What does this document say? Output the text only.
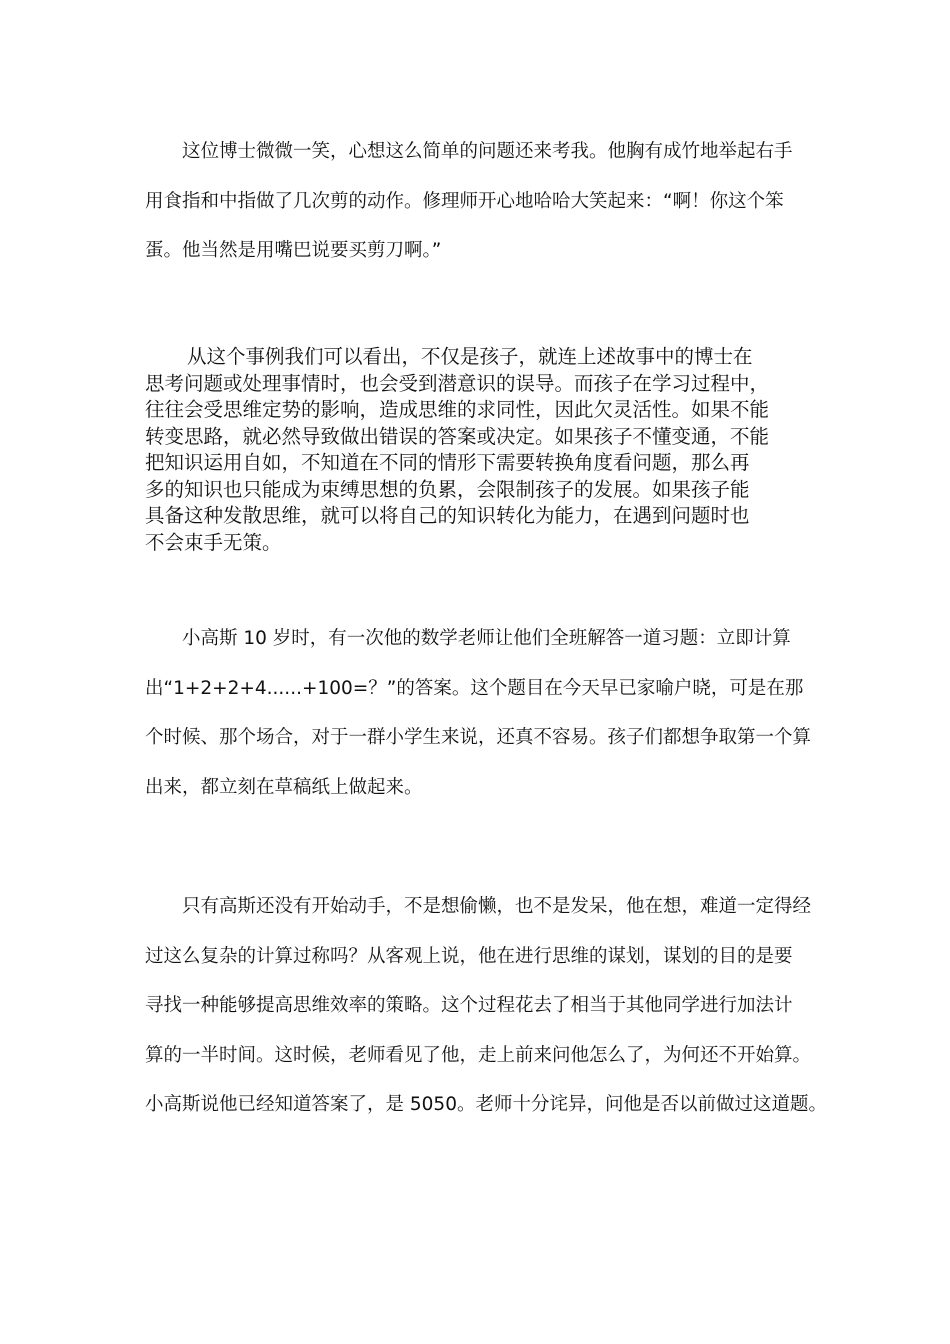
这位博士微微一笑，心想这么简单的问题还来考我。他胸有成竹地举起右手
用食指和中指做了几次剪的动作。修理师开心地哈哈大笑起来：“啊！你这个笨
蛋。他当然是用嘴巴说要买剪刀啊。”
从这个事例我们可以看出，不仅是孩子，就连上述故事中的博士在
思考问题或处理事情时，也会受到潜意识的误导。而孩子在学习过程中，
往往会受思维定势的影响，造成思维的求同性，因此欠灵活性。如果不能
转变思路，就必然导致做出错误的答案或决定。如果孩子不懂变通，不能
把知识运用自如，不知道在不同的情形下需要转换角度看问题，那么再
多的知识也只能成为束缚思想的负累，会限制孩子的发展。如果孩子能
具备这种发散思维，就可以将自己的知识转化为能力，在遇到问题时也
不会束手无策。
小高斯 10 岁时，有一次他的数学老师让他们全班解答一道习题：立即计算
出“1+2+2+4......+100=？”的答案。这个题目在今天早已家喻户晓，可是在那
个时候、那个场合，对于一群小学生来说，还真不容易。孩子们都想争取第一个算
出来，都立刻在草稿纸上做起来。
只有高斯还没有开始动手，不是想偷懒，也不是发呆，他在想，难道一定得经
过这么复杂的计算过称吗？从客观上说，他在进行思维的谋划，谋划的目的是要
寻找一种能够提高思维效率的策略。这个过程花去了相当于其他同学进行加法计
算的一半时间。这时候，老师看见了他，走上前来问他怎么了，为何还不开始算。
小高斯说他已经知道答案了，是 5050。老师十分诧异，问他是否以前做过这道题。
